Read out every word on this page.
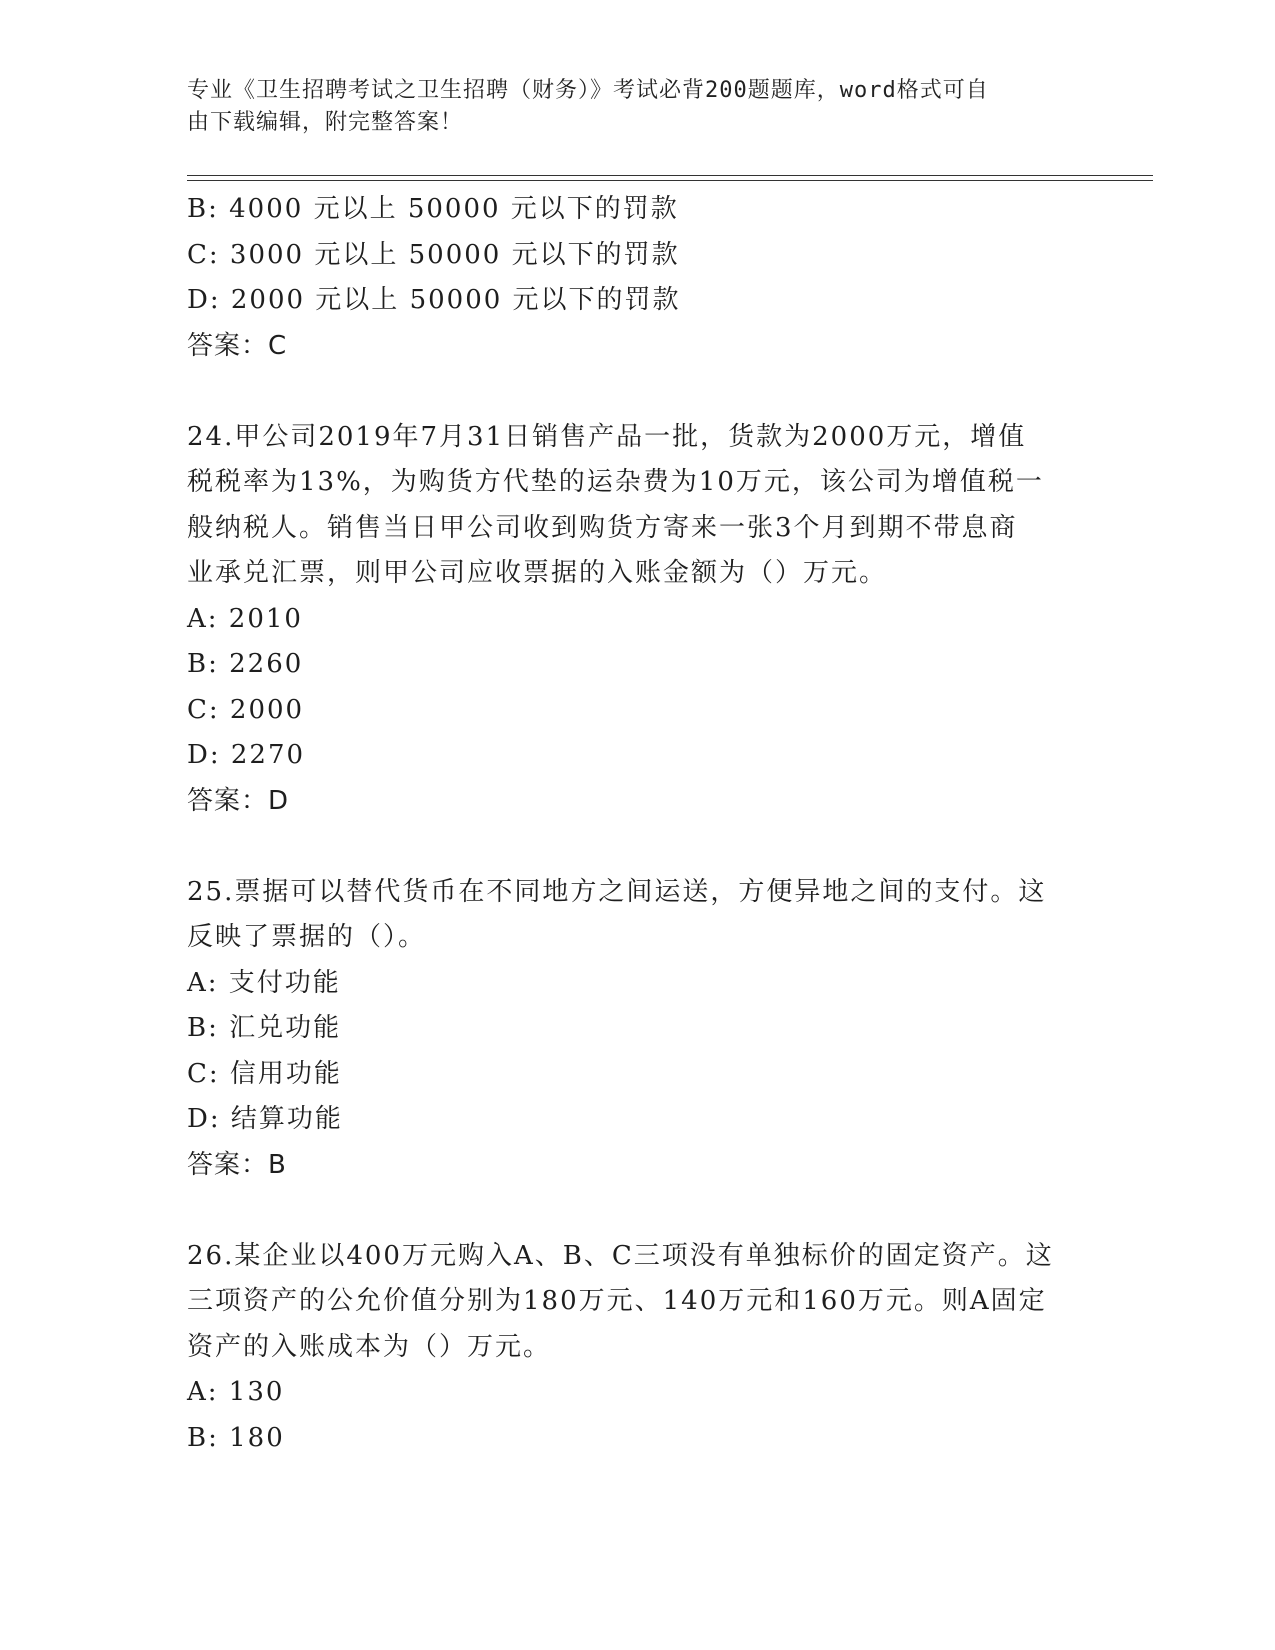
专业《卫生招聘考试之卫生招聘（财务）》考试必背200题题库，word格式可自
由下载编辑，附完整答案！
B: 4000 元以上 50000 元以下的罚款
C: 3000 元以上 50000 元以下的罚款
D: 2000 元以上 50000 元以下的罚款
答案：C
24.甲公司2019年7月31日销售产品一批，货款为2000万元，增值
税税率为13%，为购货方代垫的运杂费为10万元，该公司为增值税一
般纳税人。销售当日甲公司收到购货方寄来一张3个月到期不带息商
业承兑汇票，则甲公司应收票据的入账金额为（）万元。
A: 2010
B: 2260
C: 2000
D: 2270
答案：D
25.票据可以替代货币在不同地方之间运送，方便异地之间的支付。这
反映了票据的（）。
A: 支付功能
B: 汇兑功能
C: 信用功能
D: 结算功能
答案：B
26.某企业以400万元购入A、B、C三项没有单独标价的固定资产。这
三项资产的公允价值分别为180万元、140万元和160万元。则A固定
资产的入账成本为（）万元。
A: 130
B: 180
